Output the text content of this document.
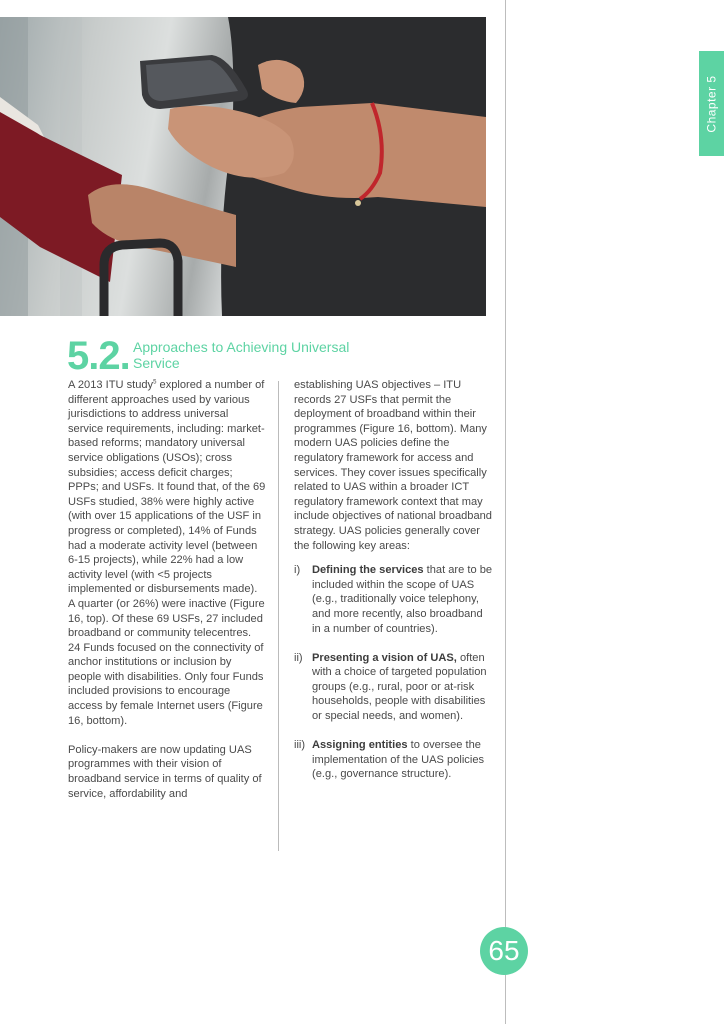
Chapter 5
5.2. Approaches to Achieving Universal Service

A 2013 ITU study$^5$ explored a number of different approaches used by various jurisdictions to address universal service requirements, including: market-based reforms; mandatory universal service obligations (USOs); cross subsidies; access deficit charges; PPPs; and USFs. It found that, of the 69 USFs studied, 38% were highly active (with over 15 applications of the USF in progress or completed), 14% of Funds had a moderate activity level (between 6-15 projects), while 22% had a low activity level (with <5 projects implemented or disbursements made). A quarter (or 26%) were inactive (Figure 16, top). Of these 69 USFs, 27 included broadband or community telecentres. 24 Funds focused on the connectivity of anchor institutions or inclusion by people with disabilities. Only four Funds included provisions to encourage access by female Internet users (Figure 16, bottom).

Policy-makers are now updating UAS programmes with their vision of broadband service in terms of quality of service, affordability and

establishing UAS objectives – ITU records 27 USFs that permit the deployment of broadband within their programmes (Figure 16, bottom). Many modern UAS policies define the regulatory framework for access and services. They cover issues specifically related to UAS within a broader ICT regulatory framework context that may include objectives of national broadband strategy. UAS policies generally cover the following key areas:

i) Defining the services that are to be included within the scope of UAS (e.g., traditionally voice telephony, and more recently, also broadband in a number of countries).
ii) Presenting a vision of UAS, often with a choice of targeted population groups (e.g., rural, poor or at-risk households, people with disabilities or special needs, and women).
iii) Assigning entities to oversee the implementation of the UAS policies (e.g., governance structure).
65
